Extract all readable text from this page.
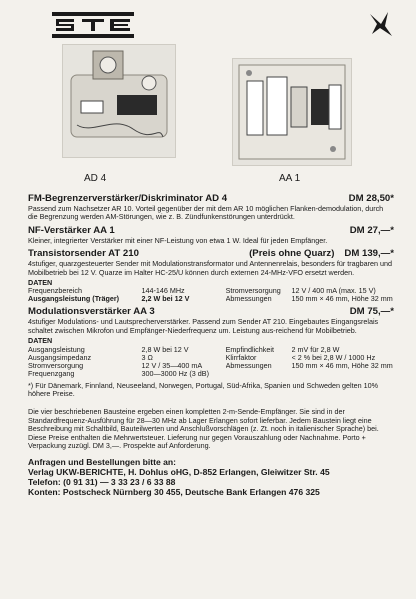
AD 4	AA 1
FM-Begrenzerverstärker/Diskriminator AD 4	DM 28,50*

Passend zum Nachsetzer AR 10. Vorteil gegenüber der mit dem AR 10 möglichen Flanken-demodulation, durch die Begrenzung werden AM-Störungen, wie z. B. Zündfunkenstörungen unterdrückt.

NF-Verstärker AA 1	DM 27,—*

Kleiner, integrierter Verstärker mit einer NF-Leistung von etwa 1 W. Ideal für jeden Empfänger.

Transistorsender AT 210	(Preis ohne Quarz) DM 139,—*

4stufiger, quarzgesteuerter Sender mit Modulationstransformator und Antennenrelais, besonders für tragbaren und Mobilbetrieb bei 12 V. Quarze im Halter HC-25/U können durch externen 24-MHz-VFO ersetzt werden.

DATEN

Frequenzbereich	144-146 MHz	Stromversorgung	12 V / 400 mA (max. 15 V)
Ausgangsleistung (Träger)	2,2 W bei 12 V	Abmessungen	150 mm × 46 mm, Höhe 32 mm
Modulationsverstärker AA 3	DM 75,—*

4stufiger Modulations- und Lautsprecherverstärker. Passend zum Sender AT 210. Eingebautes Eingangsrelais schaltet zwischen Mikrofon und Empfänger-Niederfrequenz um. Leistung aus-reichend für Mobilbetrieb.

DATEN

Ausgangsleistung	2,8 W bei 12 V	Empfindlichkeit	2 mV für 2,8 W
Ausgangsimpedanz	3 Ω	Klirrfaktor	< 2 % bei 2,8 W / 1000 Hz
Stromversorgung	12 V / 35—400 mA	Abmessungen	150 mm × 46 mm, Höhe 32 mm
Frequenzgang	300—3000 Hz (3 dB)		

*) Für Dänemark, Finnland, Neuseeland, Norwegen, Portugal, Süd-Afrika, Spanien und Schweden gelten 10% höhere Preise.

Die vier beschriebenen Bausteine ergeben einen kompletten 2-m-Sende-Empfänger. Sie sind in der Standardfrequenz-Ausführung für 28—30 MHz ab Lager Erlangen sofort lieferbar. Jedem Baustein liegt eine Beschreibung mit Schaltbild, Bauteilwerten und Anschlußvorschlägen (z. Zt. noch in italienischer Sprache) bei. Diese Preise enthalten die Mehrwertsteuer. Lieferung nur gegen Vorauszahlung oder Nachnahme. Porto + Verpackung zuzügl. DM 3,—. Prospekte auf Anforderung.

Anfragen und Bestellungen bitte an:
Verlag UKW-BERICHTE, H. Dohlus oHG, D-852 Erlangen, Gleiwitzer Str. 45
Telefon: (0 91 31) — 3 33 23 / 6 33 88
Konten: Postscheck Nürnberg 30 455, Deutsche Bank Erlangen 476 325
